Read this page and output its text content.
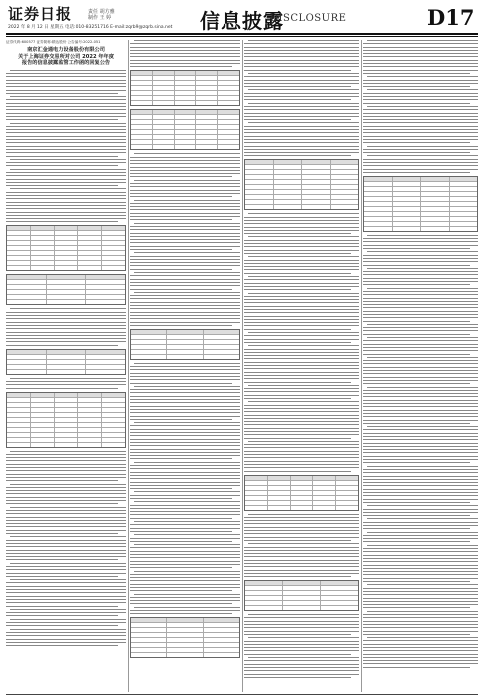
证券日报	责任 胡方雅
制作 王 婷
2022 年 8 月 12 日 星期五 电话:010-83251716 E-mail:zqrb9@zqrb.sina.net 信息披露
DISCLOSURE	D17
证券代码:600577 证券简称:精达股份 公告编号:2022-051
南京汇金通电力设备股份有限公司
关于上海证券交易所对公司 2022 年年度
报告的信息披露监管工作函的回复公告
